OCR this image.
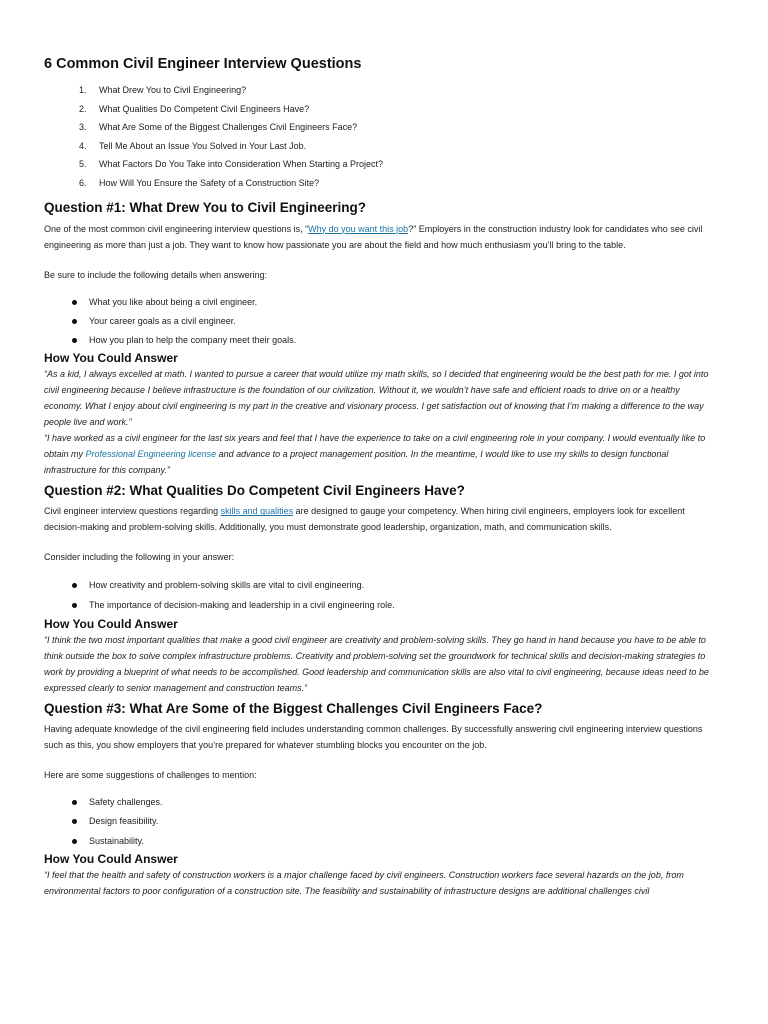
6 Common Civil Engineer Interview Questions
1. What Drew You to Civil Engineering?
2. What Qualities Do Competent Civil Engineers Have?
3. What Are Some of the Biggest Challenges Civil Engineers Face?
4. Tell Me About an Issue You Solved in Your Last Job.
5. What Factors Do You Take into Consideration When Starting a Project?
6. How Will You Ensure the Safety of a Construction Site?
Question #1: What Drew You to Civil Engineering?

One of the most common civil engineering interview questions is, “Why do you want this job?” Employers in the construction industry look for candidates who see civil engineering as more than just a job. They want to know how passionate you are about the field and how much enthusiasm you’ll bring to the table.

Be sure to include the following details when answering:

What you like about being a civil engineer.
Your career goals as a civil engineer.
How you plan to help the company meet their goals.
How You Could Answer

“As a kid, I always excelled at math. I wanted to pursue a career that would utilize my math skills, so I decided that engineering would be the best path for me. I got into civil engineering because I believe infrastructure is the foundation of our civilization. Without it, we wouldn’t have safe and efficient roads to drive on or a healthy economy. What I enjoy about civil engineering is my part in the creative and visionary process. I get satisfaction out of knowing that I’m making a difference to the way people live and work.”

“I have worked as a civil engineer for the last six years and feel that I have the experience to take on a civil engineering role in your company. I would eventually like to obtain my Professional Engineering license and advance to a project management position. In the meantime, I would like to use my skills to design functional infrastructure for this company.”

Question #2: What Qualities Do Competent Civil Engineers Have?

Civil engineer interview questions regarding skills and qualities are designed to gauge your competency. When hiring civil engineers, employers look for excellent decision-making and problem-solving skills. Additionally, you must demonstrate good leadership, organization, math, and communication skills.

Consider including the following in your answer:

How creativity and problem-solving skills are vital to civil engineering.
The importance of decision-making and leadership in a civil engineering role.
How You Could Answer

“I think the two most important qualities that make a good civil engineer are creativity and problem-solving skills. They go hand in hand because you have to be able to think outside the box to solve complex infrastructure problems. Creativity and problem-solving set the groundwork for technical skills and decision-making strategies to work by providing a blueprint of what needs to be accomplished. Good leadership and communication skills are also vital to civil engineering, because ideas need to be expressed clearly to senior management and construction teams.”

Question #3: What Are Some of the Biggest Challenges Civil Engineers Face?

Having adequate knowledge of the civil engineering field includes understanding common challenges. By successfully answering civil engineering interview questions such as this, you show employers that you’re prepared for whatever stumbling blocks you encounter on the job.

Here are some suggestions of challenges to mention:

Safety challenges.
Design feasibility.
Sustainability.
How You Could Answer

“I feel that the health and safety of construction workers is a major challenge faced by civil engineers. Construction workers face several hazards on the job, from environmental factors to poor configuration of a construction site. The feasibility and sustainability of infrastructure designs are additional challenges civil
